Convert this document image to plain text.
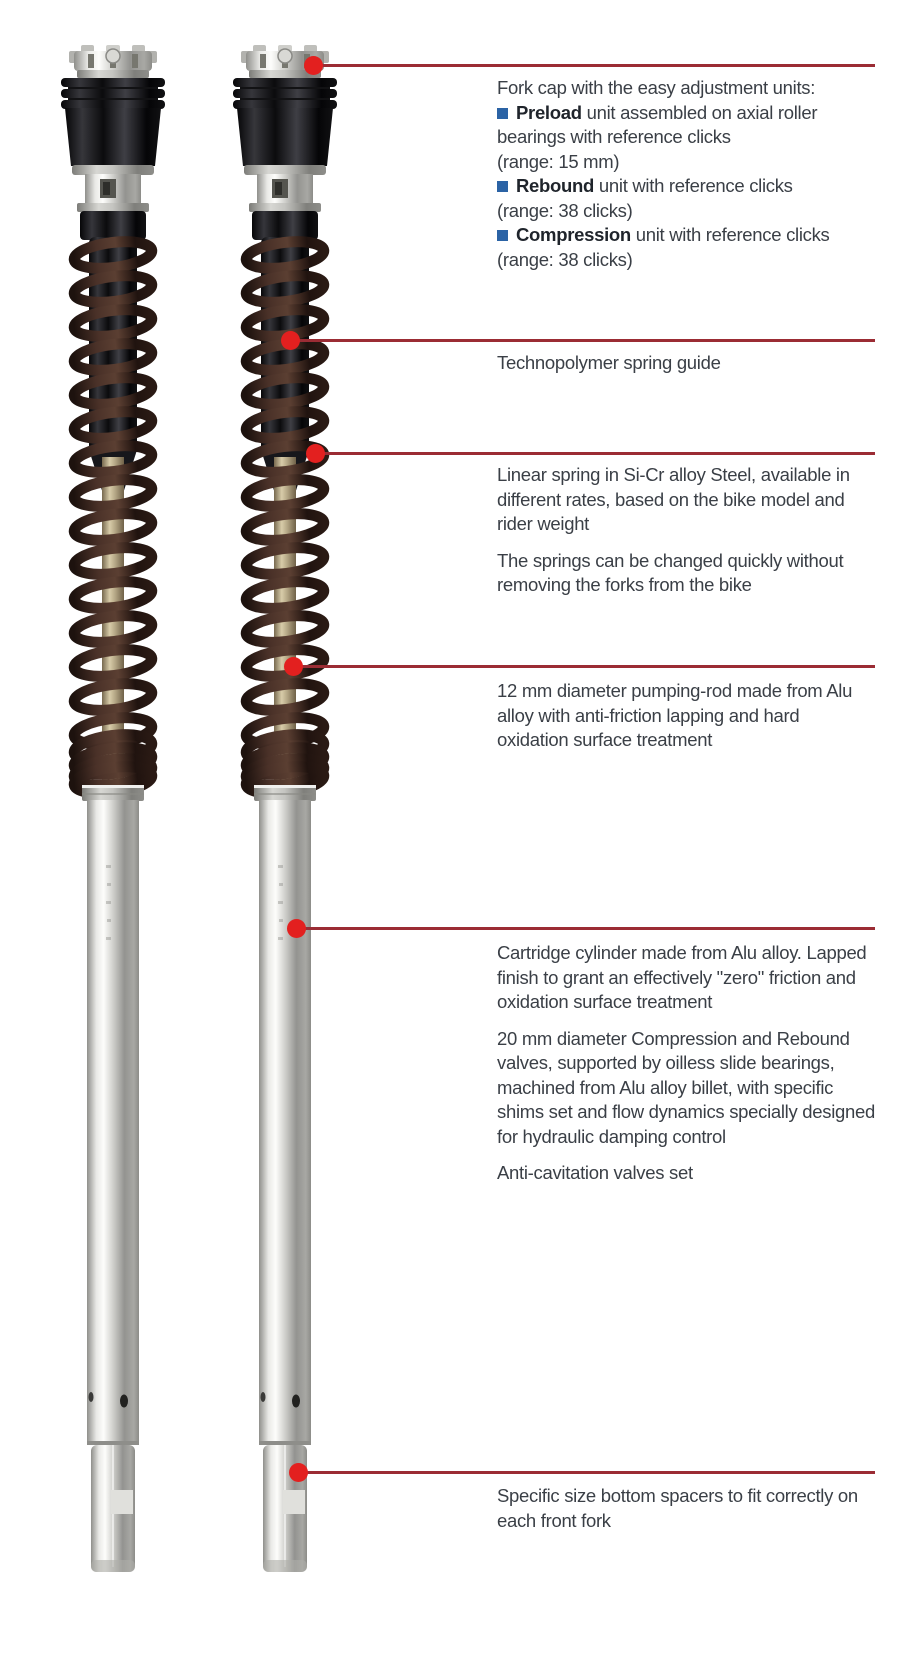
Fork cap with the easy adjustment units:

Preload unit assembled on axial roller bearings with reference clicks

(range: 15 mm)

Rebound unit with reference clicks

(range: 38 clicks)

Compression unit with reference clicks

(range: 38 clicks)

Technopolymer spring guide

Linear spring in Si-Cr alloy Steel, available in different rates, based on the bike model and rider weight

The springs can be changed quickly without removing the forks from the bike

12 mm diameter pumping-rod made from Alu alloy with anti-friction lapping and hard oxidation surface treatment

Cartridge cylinder made from Alu alloy. Lapped finish to grant an effectively "zero" friction and oxidation surface treatment

20 mm diameter Compression and Rebound valves, supported by oilless slide bearings, machined from Alu alloy billet, with specific shims set and flow dynamics specially designed for hydraulic damping control

Anti-cavitation valves set

Specific size bottom spacers to fit correctly on each front fork
